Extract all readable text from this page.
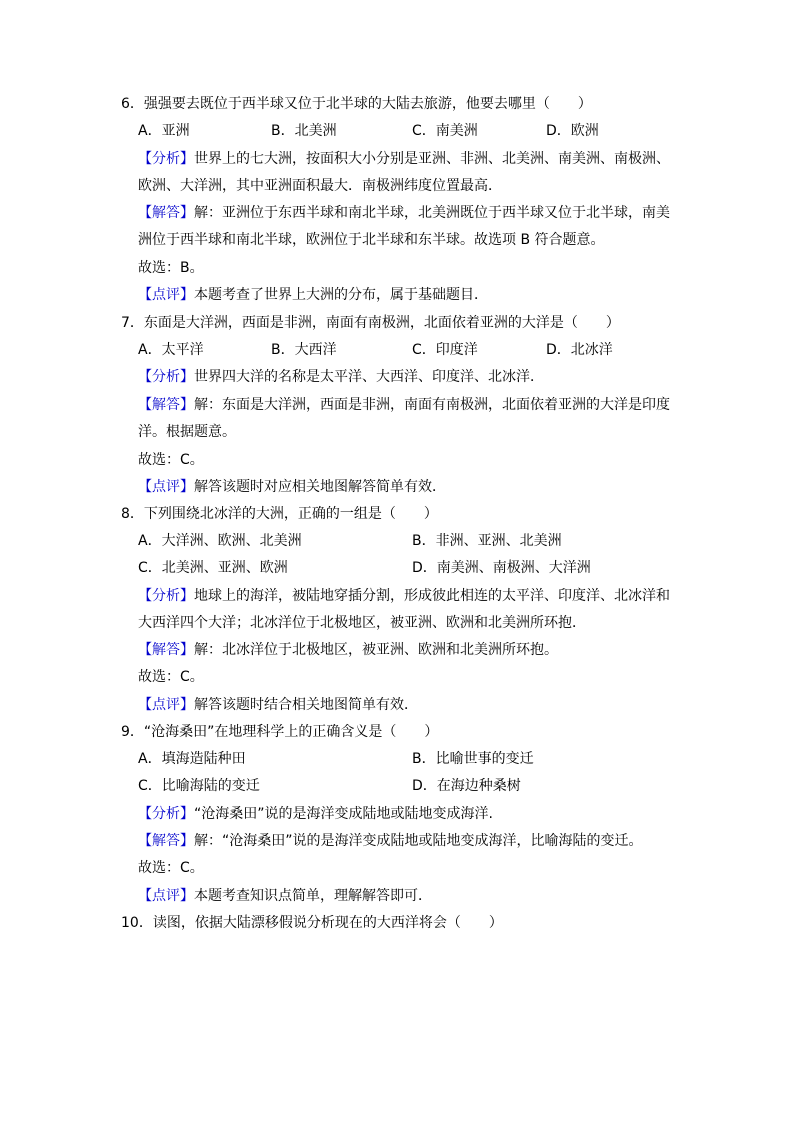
6．强强要去既位于西半球又位于北半球的大陆去旅游，他要去哪里（　　）
A．亚洲	B．北美洲	C．南美洲	D．欧洲
【分析】世界上的七大洲，按面积大小分别是亚洲、非洲、北美洲、南美洲、南极洲、
欧洲、大洋洲，其中亚洲面积最大．南极洲纬度位置最高．
【解答】解：亚洲位于东西半球和南北半球，北美洲既位于西半球又位于北半球，南美
洲位于西半球和南北半球，欧洲位于北半球和东半球。故选项 B 符合题意。
故选：B。
【点评】本题考查了世界上大洲的分布，属于基础题目．
7．东面是大洋洲，西面是非洲，南面有南极洲，北面依着亚洲的大洋是（　　）
A．太平洋	B．大西洋	C．印度洋	D．北冰洋
【分析】世界四大洋的名称是太平洋、大西洋、印度洋、北冰洋．
【解答】解：东面是大洋洲，西面是非洲，南面有南极洲，北面依着亚洲的大洋是印度
洋。根据题意。
故选：C。
【点评】解答该题时对应相关地图解答简单有效．
8．下列围绕北冰洋的大洲，正确的一组是（　　）
A．大洋洲、欧洲、北美洲	B．非洲、亚洲、北美洲
C．北美洲、亚洲、欧洲	D．南美洲、南极洲、大洋洲
【分析】地球上的海洋，被陆地穿插分割，形成彼此相连的太平洋、印度洋、北冰洋和
大西洋四个大洋；北冰洋位于北极地区，被亚洲、欧洲和北美洲所环抱．
【解答】解：北冰洋位于北极地区，被亚洲、欧洲和北美洲所环抱。
故选：C。
【点评】解答该题时结合相关地图简单有效．
9．“沧海桑田”在地理科学上的正确含义是（　　）
A．填海造陆种田	B．比喻世事的变迁
C．比喻海陆的变迁	D．在海边种桑树
【分析】“沧海桑田”说的是海洋变成陆地或陆地变成海洋.
【解答】解：“沧海桑田”说的是海洋变成陆地或陆地变成海洋，比喻海陆的变迁。
故选：C。
【点评】本题考查知识点简单，理解解答即可．
10．读图，依据大陆漂移假说分析现在的大西洋将会（　　）
